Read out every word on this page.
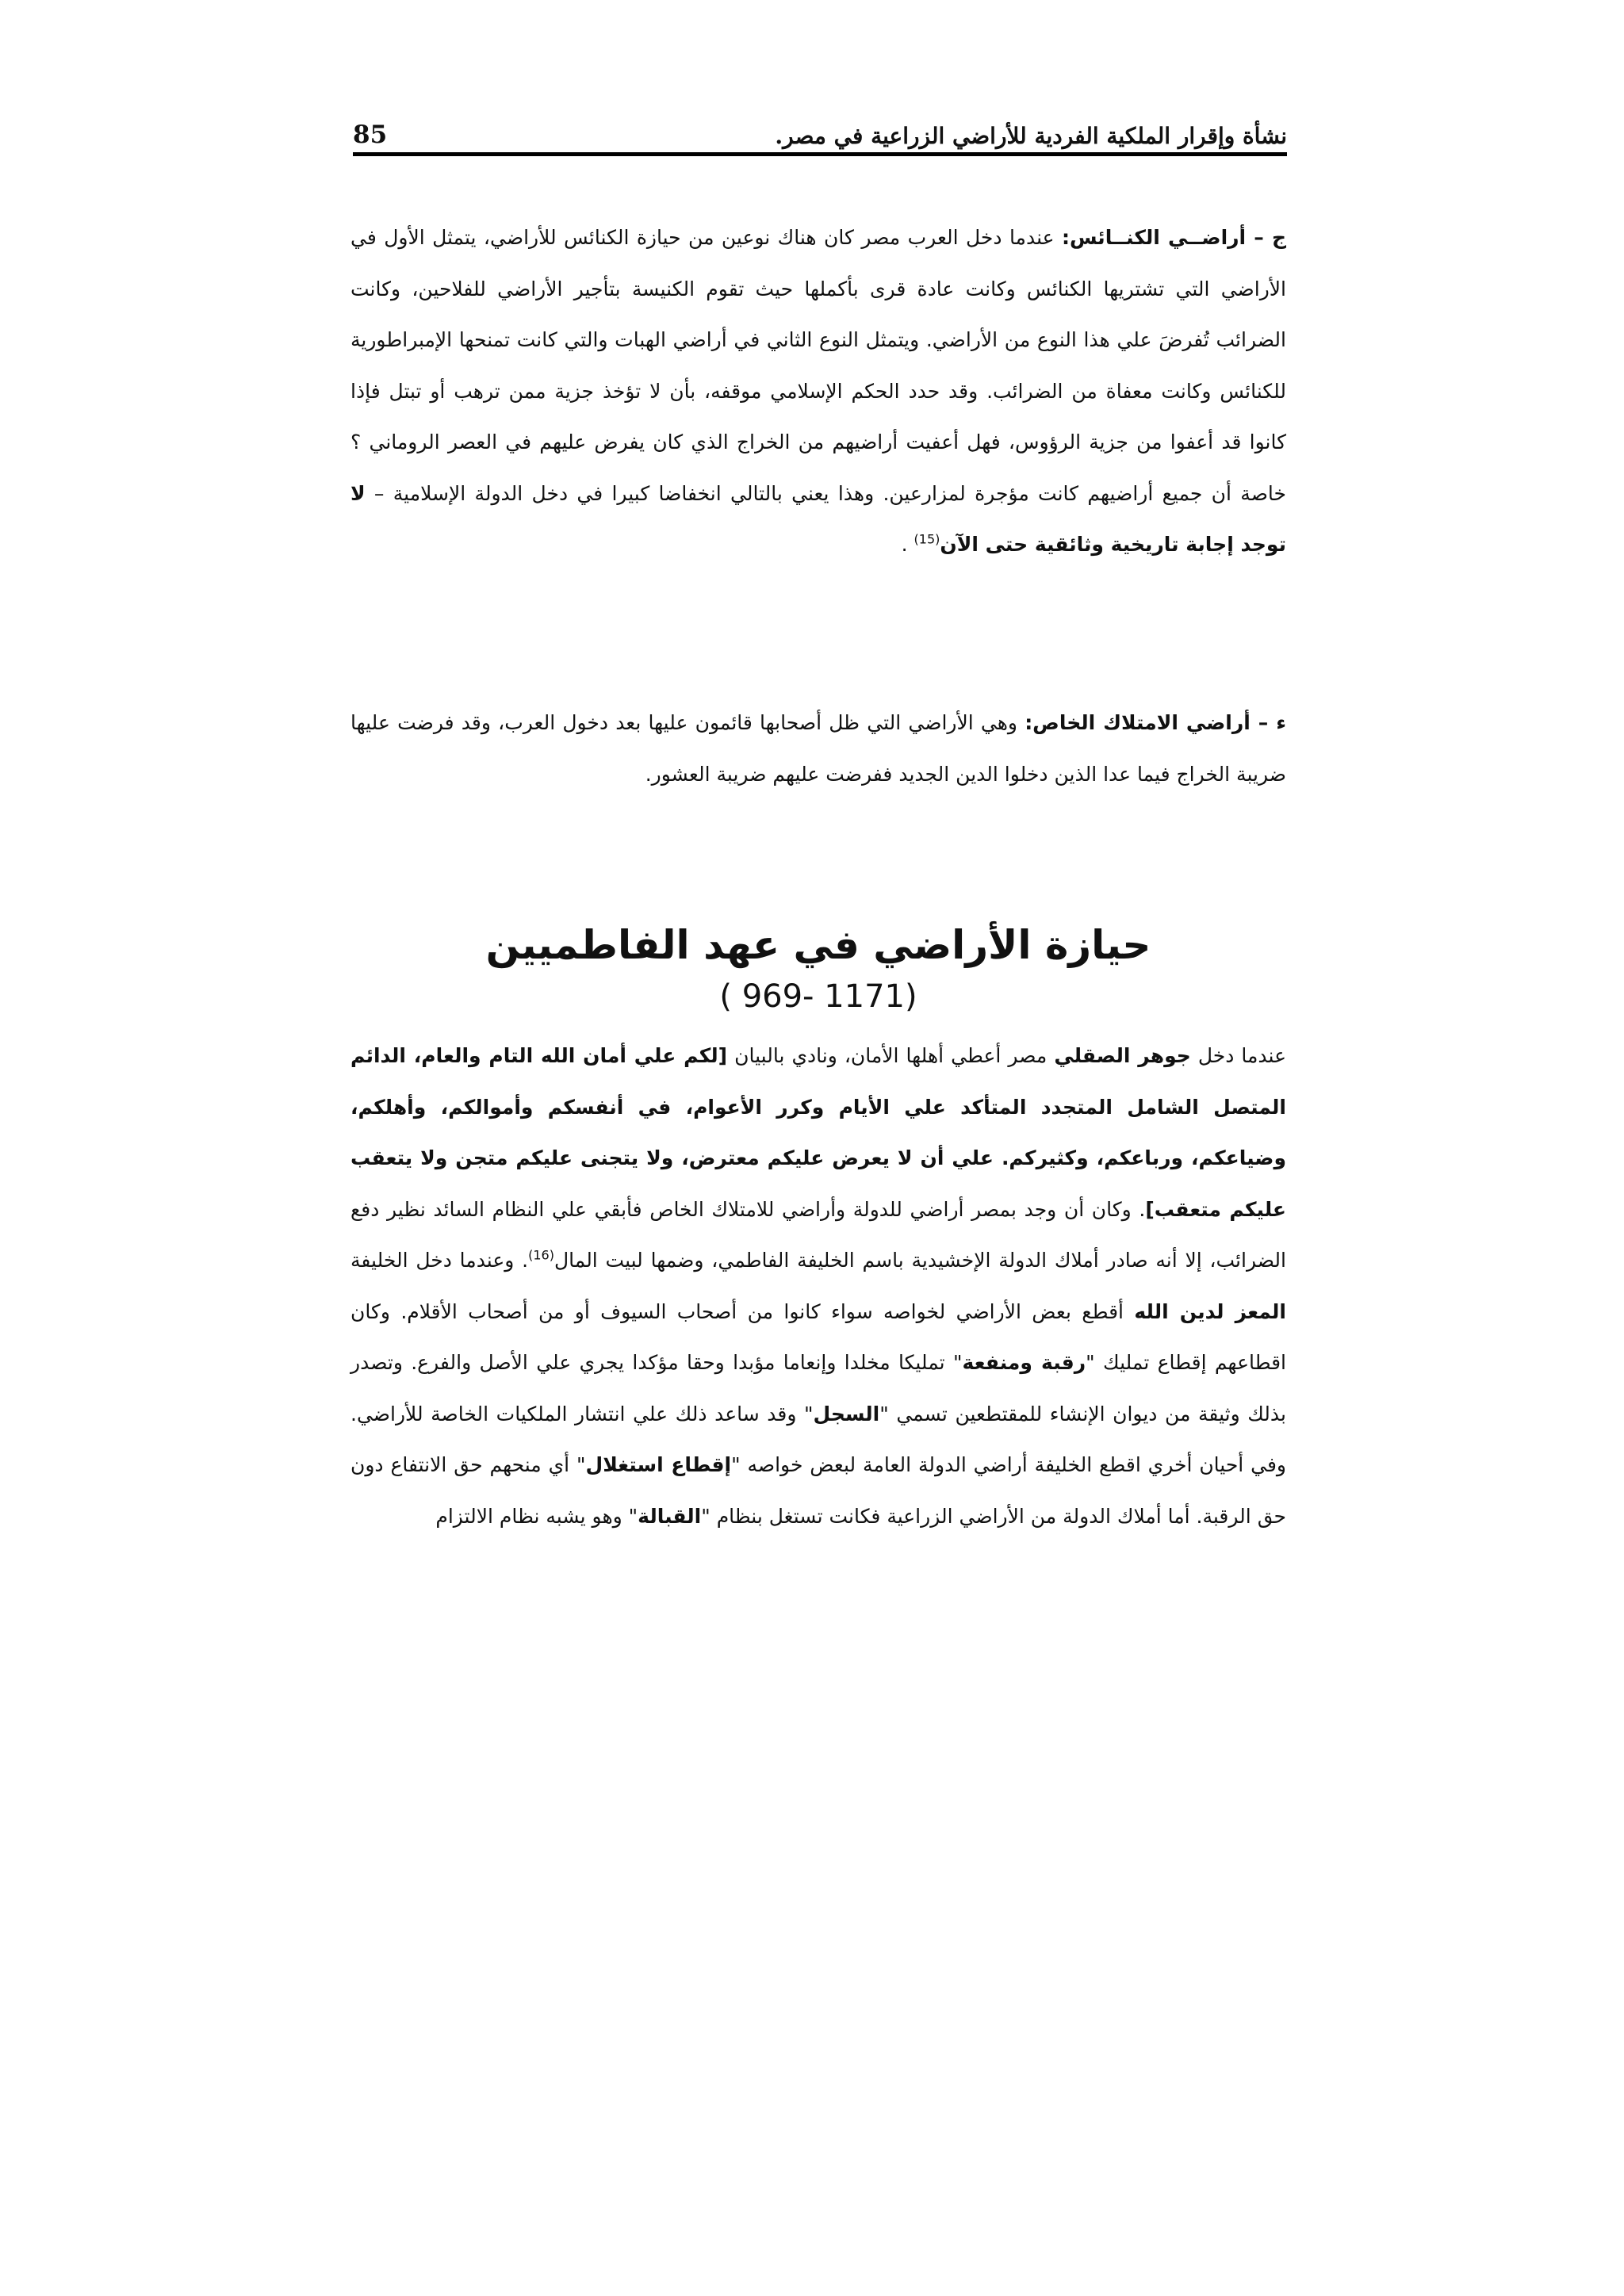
نشأة وإقرار الملكية الفردية للأراضي الزراعية في مصر.
85

ج – أراضــي الكنــائس: عندما دخل العرب مصر كان هناك نوعين من حيازة الكنائس للأراضي، يتمثل الأول في الأراضي التي تشتريها الكنائس وكانت عادة قرى بأكملها حيث تقوم الكنيسة بتأجير الأراضي للفلاحين، وكانت الضرائب تُفرضَ علي هذا النوع من الأراضي. ويتمثل النوع الثاني في أراضي الهبات والتي كانت تمنحها الإمبراطورية للكنائس وكانت معفاة من الضرائب. وقد حدد الحكم الإسلامي موقفه، بأن لا تؤخذ جزية ممن ترهب أو تبتل فإذا كانوا قد أعفوا من جزية الرؤوس، فهل أعفيت أراضيهم من الخراج الذي كان يفرض عليهم في العصر الروماني ؟ خاصة أن جميع أراضيهم كانت مؤجرة لمزارعين. وهذا يعني بالتالي انخفاضا كبيرا في دخل الدولة الإسلامية – لا توجد إجابة تاريخية وثائقية حتى الآن$^{(15)}$ .

ء – أراضي الامتلاك الخاص: وهي الأراضي التي ظل أصحابها قائمون عليها بعد دخول العرب، وقد فرضت عليها ضريبة الخراج فيما عدا الذين دخلوا الدين الجديد ففرضت عليهم ضريبة العشور.

حيازة الأراضي في عهد الفاطميين
( 969- 1171)

عندما دخل جوهر الصقلي مصر أعطي أهلها الأمان، ونادي بالبيان [لكم علي أمان الله التام والعام، الدائم المتصل الشامل المتجدد المتأكد علي الأيام وكرر الأعوام، في أنفسكم وأموالكم، وأهلكم، وضياعكم، ورباعكم، وكثيركم. علي أن لا يعرض عليكم معترض، ولا يتجنى عليكم متجن ولا يتعقب عليكم متعقب]. وكان أن وجد بمصر أراضي للدولة وأراضي للامتلاك الخاص فأبقي علي النظام السائد نظير دفع الضرائب، إلا أنه صادر أملاك الدولة الإخشيدية باسم الخليفة الفاطمي، وضمها لبيت المال$^{(16)}$. وعندما دخل الخليفة المعز لدين الله أقطع بعض الأراضي لخواصه سواء كانوا من أصحاب السيوف أو من أصحاب الأقلام. وكان اقطاعهم إقطاع تمليك "رقبة ومنفعة" تمليكا مخلدا وإنعاما مؤبدا وحقا مؤكدا يجري علي الأصل والفرع. وتصدر بذلك وثيقة من ديوان الإنشاء للمقتطعين تسمي "السجل" وقد ساعد ذلك علي انتشار الملكيات الخاصة للأراضي. وفي أحيان أخري اقطع الخليفة أراضي الدولة العامة لبعض خواصه "إقطاع استغلال" أي منحهم حق الانتفاع دون حق الرقبة. أما أملاك الدولة من الأراضي الزراعية فكانت تستغل بنظام "القبالة" وهو يشبه نظام الالتزام
